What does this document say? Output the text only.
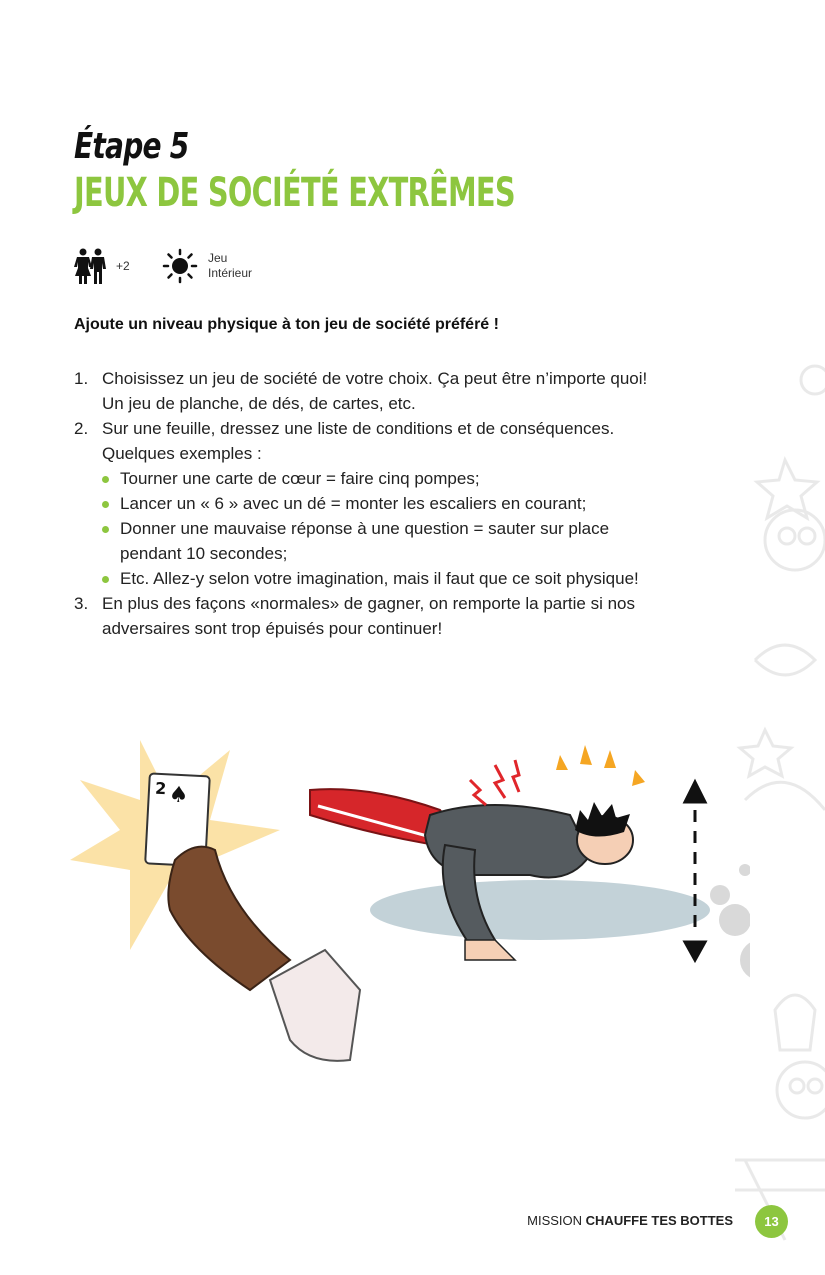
Étape 5
JEUX DE SOCIÉTÉ EXTRÊMES
+2
Jeu
Intérieur

Ajoute un niveau physique à ton jeu de société préféré !

1. Choisissez un jeu de société de votre choix. Ça peut être n’importe quoi!
Un jeu de planche, de dés, de cartes, etc.
2. Sur une feuille, dressez une liste de conditions et de conséquences.
Quelques exemples :
Tourner une carte de cœur = faire cinq pompes;
Lancer un « 6 » avec un dé = monter les escaliers en courant;
Donner une mauvaise réponse à une question = sauter sur place
pendant 10 secondes;
Etc. Allez-y selon votre imagination, mais il faut que ce soit physique!
3. En plus des façons «normales» de gagner, on remporte la partie si nos
adversaires sont trop épuisés pour continuer!
2 ♠
MISSION CHAUFFE TES BOTTES	13
